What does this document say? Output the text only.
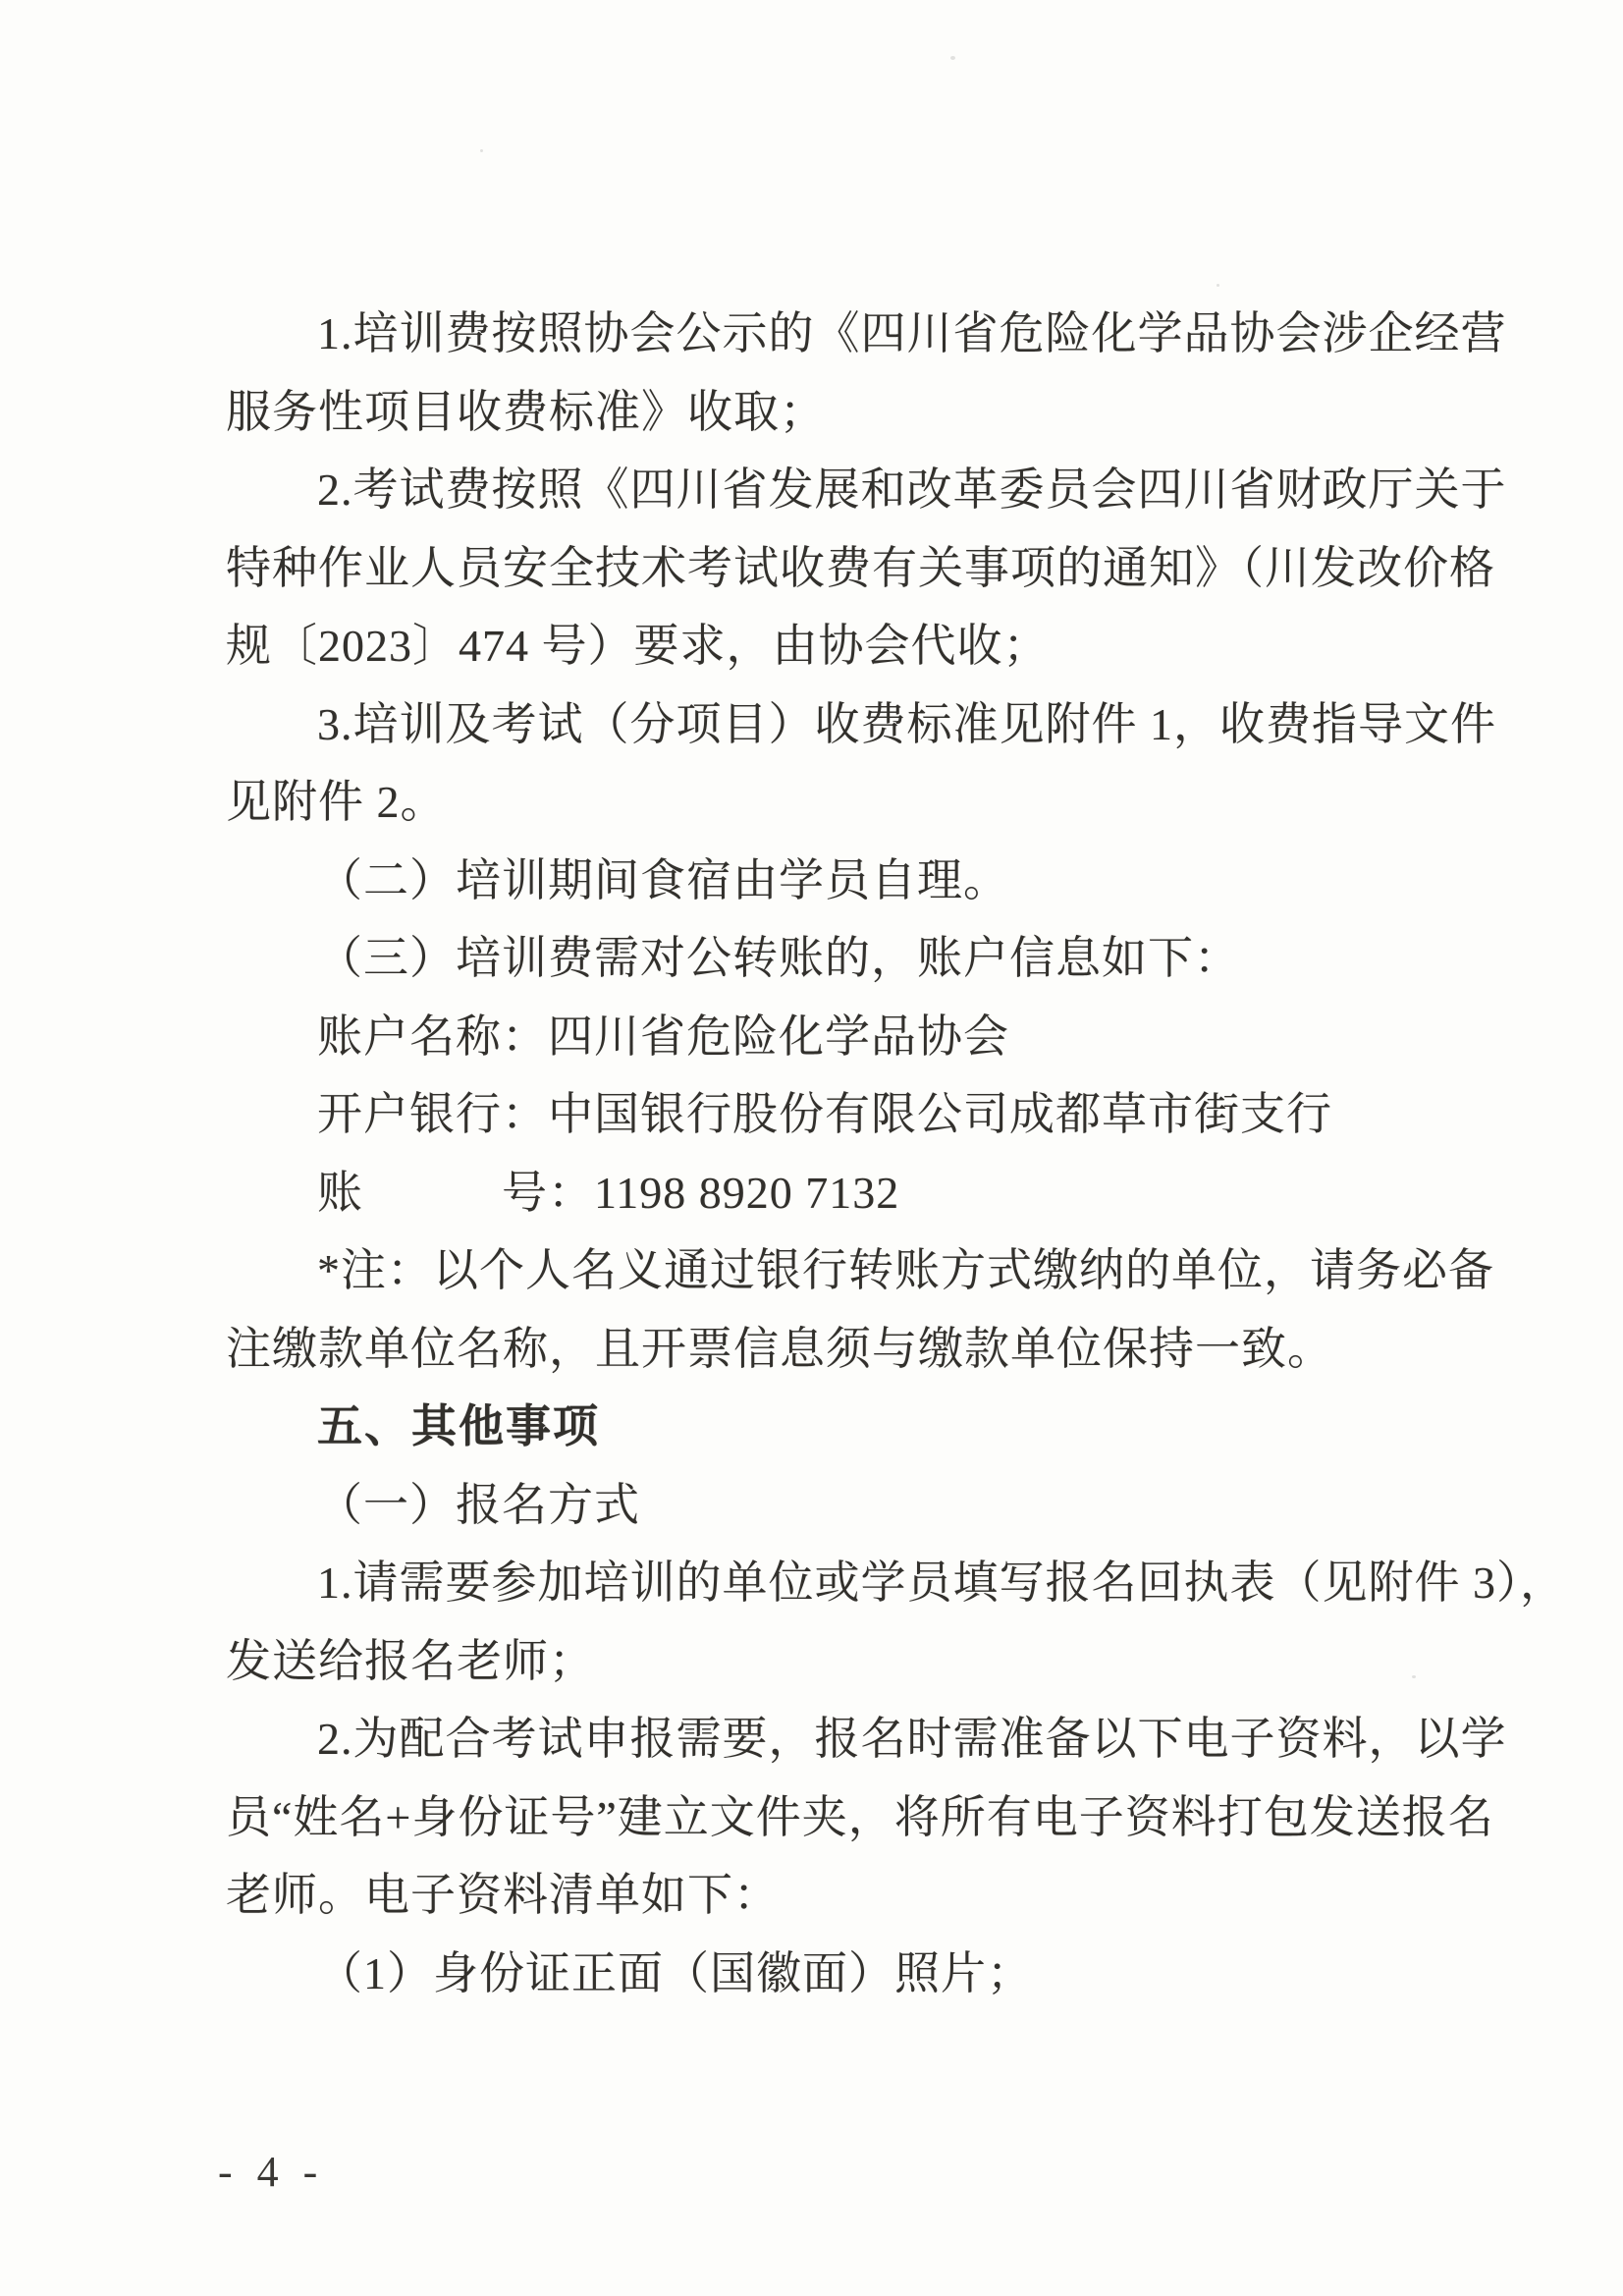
1.培训费按照协会公示的《四川省危险化学品协会涉企经营
服务性项目收费标准》收取；
2.考试费按照《四川省发展和改革委员会四川省财政厅关于
特种作业人员安全技术考试收费有关事项的通知》（川发改价格
规〔2023〕474 号）要求，由协会代收；
3.培训及考试（分项目）收费标准见附件 1，收费指导文件
见附件 2。
（二）培训期间食宿由学员自理。
（三）培训费需对公转账的，账户信息如下：
账户名称：四川省危险化学品协会
开户银行：中国银行股份有限公司成都草市街支行
账　　　号：1198 8920 7132
*注：以个人名义通过银行转账方式缴纳的单位，请务必备
注缴款单位名称，且开票信息须与缴款单位保持一致。
五、其他事项
（一）报名方式
1.请需要参加培训的单位或学员填写报名回执表（见附件 3），
发送给报名老师；
2.为配合考试申报需要，报名时需准备以下电子资料，以学
员“姓名+身份证号”建立文件夹，将所有电子资料打包发送报名
老师。电子资料清单如下：
（1）身份证正面（国徽面）照片；
- 4 -
